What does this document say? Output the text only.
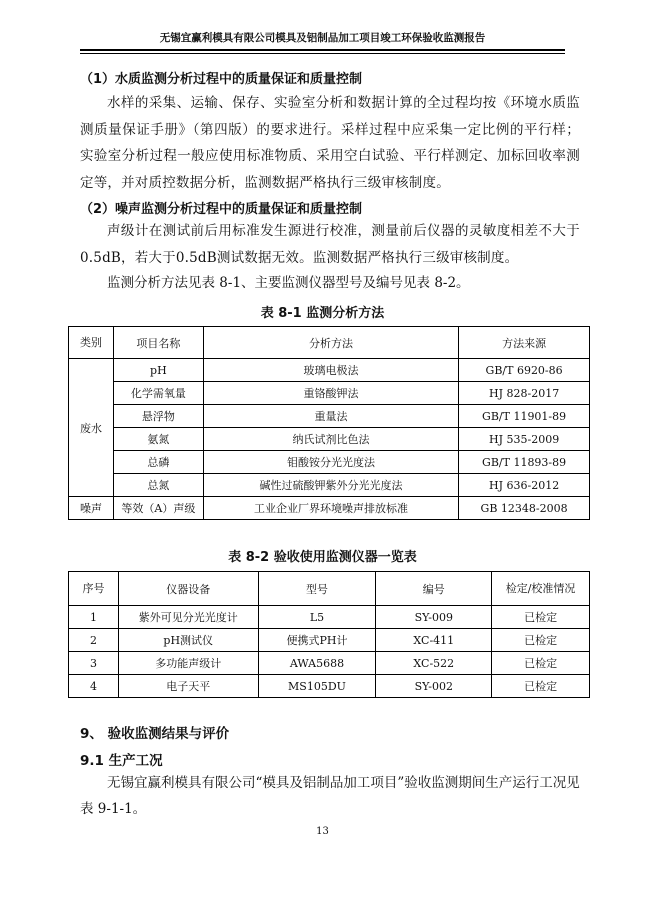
无锡宜赢利模具有限公司模具及铝制品加工项目竣工环保验收监测报告
（1）水质监测分析过程中的质量保证和质量控制
水样的采集、运输、保存、实验室分析和数据计算的全过程均按《环境水质监测质量保证手册》（第四版）的要求进行。采样过程中应采集一定比例的平行样；实验室分析过程一般应使用标准物质、采用空白试验、平行样测定、加标回收率测定等，并对质控数据分析，监测数据严格执行三级审核制度。
（2）噪声监测分析过程中的质量保证和质量控制
声级计在测试前后用标准发生源进行校准，测量前后仪器的灵敏度相差不大于0.5dB，若大于0.5dB测试数据无效。监测数据严格执行三级审核制度。
监测分析方法见表 8-1、主要监测仪器型号及编号见表 8-2。
表 8-1 监测分析方法
类别	项目名称	分析方法	方法来源
废水	pH	玻璃电极法	GB/T 6920-86
	化学需氧量	重铬酸钾法	HJ 828-2017
	悬浮物	重量法	GB/T 11901-89
	氨氮	纳氏试剂比色法	HJ 535-2009
	总磷	钼酸铵分光光度法	GB/T 11893-89
	总氮	碱性过硫酸钾紫外分光光度法	HJ 636-2012
噪声	等效（A）声级	工业企业厂界环境噪声排放标准	GB 12348-2008
表 8-2 验收使用监测仪器一览表
序号	仪器设备	型号	编号	检定/校准情况
1	紫外可见分光光度计	L5	SY-009	已检定
2	pH测试仪	便携式PH计	XC-411	已检定
3	多功能声级计	AWA5688	XC-522	已检定
4	电子天平	MS105DU	SY-002	已检定
9、 验收监测结果与评价
9.1 生产工况
无锡宜赢利模具有限公司“模具及铝制品加工项目”验收监测期间生产运行工况见表 9-1-1。
13
